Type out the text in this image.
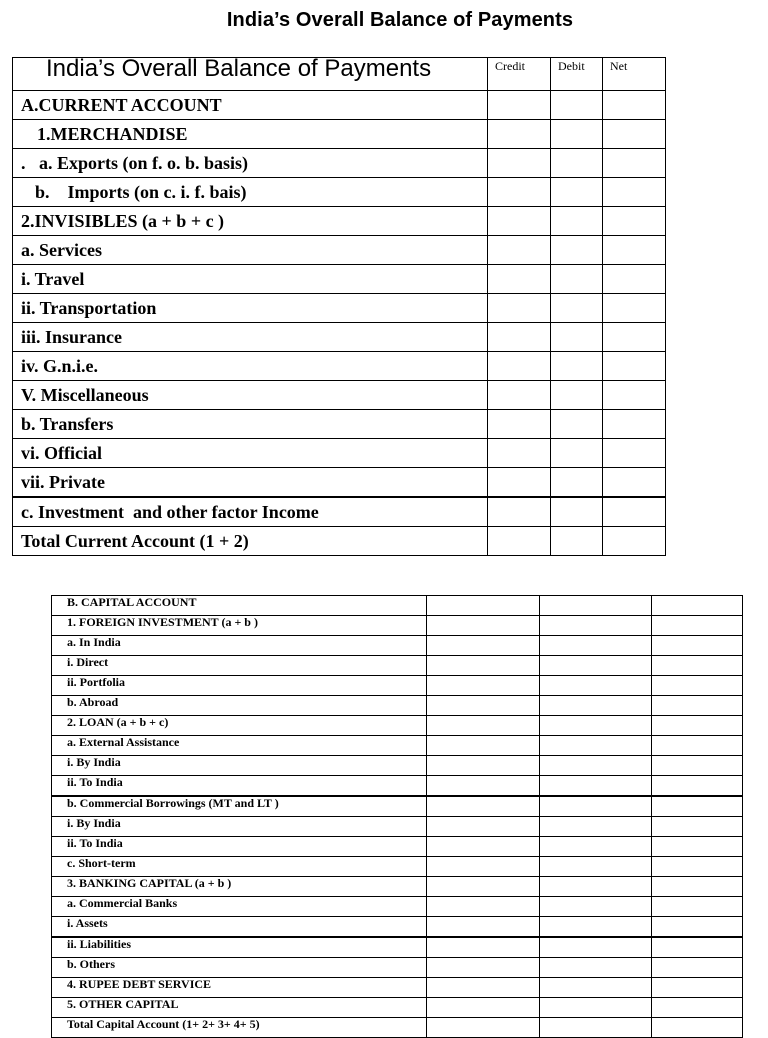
India’s Overall Balance of Payments
India’s Overall Balance of Payments	Credit	Debit	Net
A.CURRENT ACCOUNT			
1.MERCHANDISE			
.   a. Exports (on f. o. b. basis)			
b.    Imports (on c. i. f. bais)			
2.INVISIBLES (a + b + c )			
a. Services			
i. Travel			
ii. Transportation			
iii. Insurance			
iv. G.n.i.e.			
V. Miscellaneous			
b. Transfers			
vi. Official			
vii. Private			
c. Investment  and other factor Income			
Total Current Account (1 + 2)			
B. CAPITAL ACCOUNT			
1. FOREIGN INVESTMENT (a + b )			
a. In India			
i. Direct			
ii. Portfolia			
b. Abroad			
2. LOAN (a + b + c)			
a. External Assistance			
i. By India			
ii. To India			
b. Commercial Borrowings (MT and LT )			
i. By India			
ii. To India			
c. Short-term			
3. BANKING CAPITAL (a + b )			
a. Commercial Banks			
i. Assets			
ii. Liabilities			
b. Others			
4. RUPEE DEBT SERVICE			
5. OTHER CAPITAL			
Total Capital Account (1+ 2+ 3+ 4+ 5)			
